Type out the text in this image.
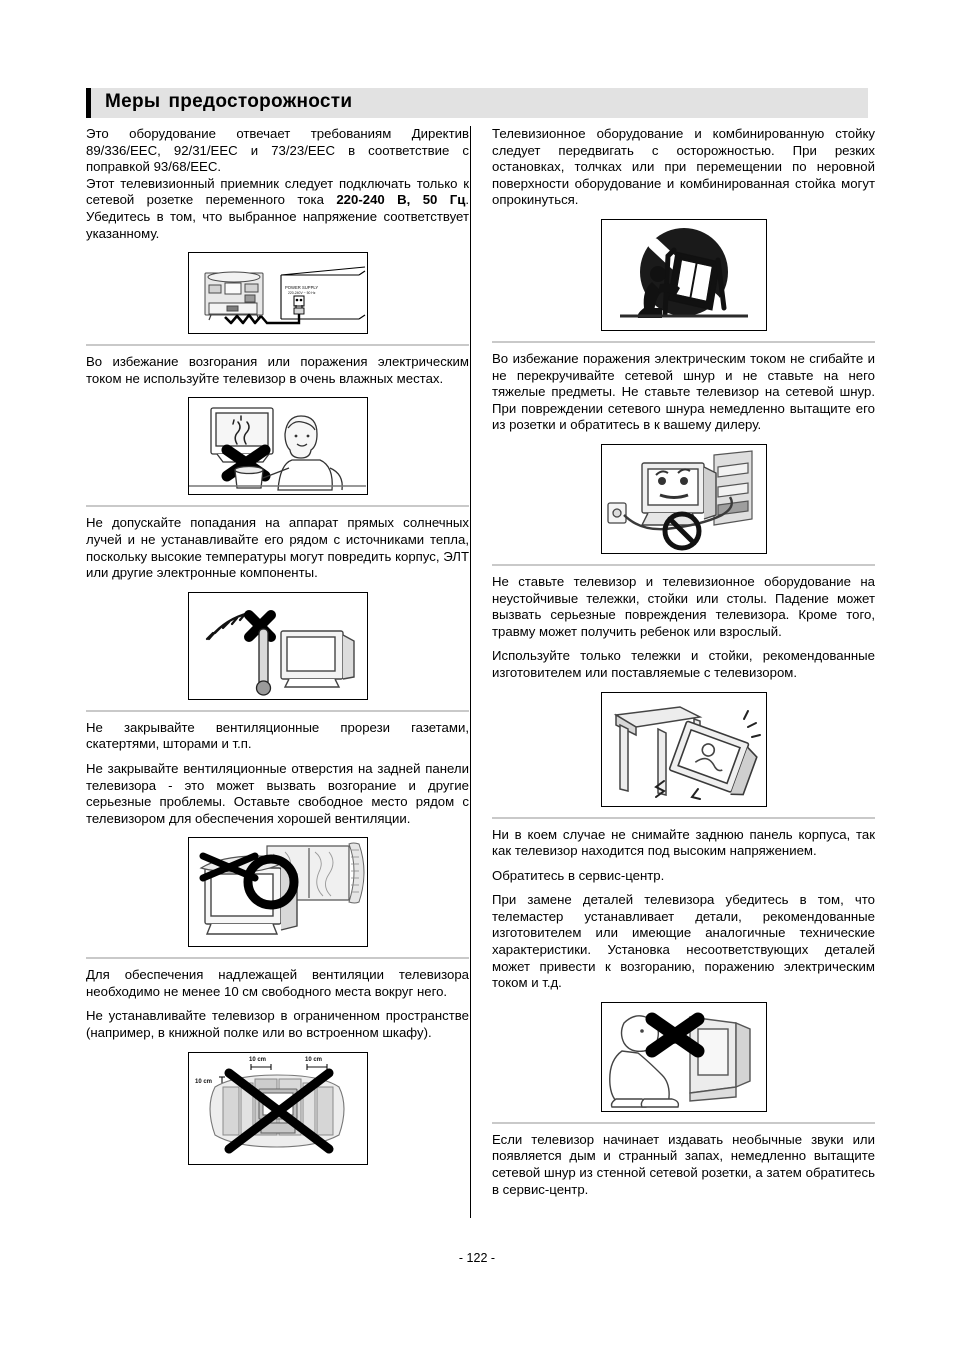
Меры предосторожности

Это оборудование отвечает требованиям Директив 89/336/EEC, 92/31/EEC и 73/23/EEC в соответствие с поправкой 93/68/EEC.

Этот телевизионный приемник следует подключать только к сетевой розетке переменного тока 220-240 В, 50 Гц. Убедитесь в том, что выбранное напряжение соответствует указанному.

POWER SUPPLY
220-240V ~ 50 Hz

Во избежание возгорания или поражения электрическим током не используйте телевизор в очень влажных местах.

Не допускайте попадания на аппарат прямых солнечных лучей и не устанавливайте его рядом с источниками тепла, поскольку высокие температуры могут повредить корпус, ЭЛТ или другие электронные компоненты.

Не закрывайте вентиляционные прорези газетами, скатертями, шторами и т.п.

Не закрывайте вентиляционные отверстия на задней панели телевизора - это может вызвать возгорание и другие серьезные проблемы. Оставьте свободное место рядом с телевизором для обеспечения хорошей вентиляции.

Для обеспечения надлежащей вентиляции телевизора необходимо не менее 10 см свободного места вокруг него.

Не устанавливайте телевизор в ограниченном пространстве (например, в книжной полке или во встроенном шкафу).

10 cm	10 cm
10 cm

Телевизионное оборудование и комбинированную стойку следует передвигать с осторожностью. При резких остановках, толчках или при перемещении по неровной поверхности оборудование и комбинированная стойка могут опрокинуться.

Во избежание поражения электрическим током не сгибайте и не перекручивайте сетевой шнур и не ставьте на него тяжелые предметы. Не ставьте телевизор на сетевой шнур. При повреждении сетевого шнура немедленно вытащите его из розетки и обратитесь в к вашему дилеру.

Не ставьте телевизор и телевизионное оборудование на неустойчивые тележки, стойки или столы. Падение может вызвать серьезные повреждения телевизора. Кроме того, травму может получить ребенок или взрослый.

Используйте только тележки и стойки, рекомендованные изготовителем или поставляемые с телевизором.

Ни в коем случае не снимайте заднюю панель корпуса, так как телевизор находится под высоким напряжением.

Обратитесь в сервис-центр.

При замене деталей телевизора убедитесь в том, что телемастер устанавливает детали, рекомендованные изготовителем или имеющие аналогичные технические характеристики. Установка несоответствующих деталей может привести к возгоранию, поражению электрическим током и т.д.

Если телевизор начинает издавать необычные звуки или появляется дым и странный запах, немедленно вытащите сетевой шнур из стенной сетевой розетки, а затем обратитесь в сервис-центр.

- 122 -
